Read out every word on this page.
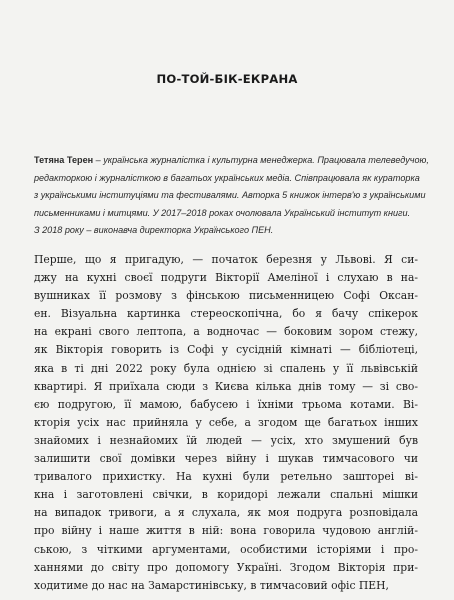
ПО-ТОЙ-БІК-ЕКРАНА
Тетяна Терен – українська журналістка і культурна менеджерка. Працювала телеведучою,
редакторкою і журналісткою в багатьох українських медіа. Співпрацювала як кураторка
з українськими інституціями та фестивалями. Авторка 5 книжок інтерв'ю з українськими
письменниками і митцями. У 2017–2018 роках очолювала Український інститут книги.
З 2018 року – виконавча директорка Українського ПЕН.
Перше, що я пригадую, — початок березня у Львові. Я си-
джу на кухні своєї подруги Вікторії Амеліної і слухаю в на-
вушниках її розмову з фінською письменницею Софі Оксан-
ен. Візуальна картинка стереоскопічна, бо я бачу спікерок
на екрані свого лептопа, а водночас — боковим зором стежу,
як Вікторія говорить із Софі у сусідній кімнаті — бібліотеці,
яка в ті дні 2022 року була однією зі спалень у її львівській
квартирі. Я приїхала сюди з Києва кілька днів тому — зі сво-
єю подругою, її мамою, бабусею і їхніми трьома котами. Ві-
кторія усіх нас прийняла у себе, а згодом ще багатьох інших
знайомих і незнайомих їй людей — усіх, хто змушений був
залишити свої домівки через війну і шукав тимчасового чи
тривалого прихистку. На кухні були ретельно заштореі ві-
кна і заготовлені свічки, в коридорі лежали спальні мішки
на випадок тривоги, а я слухала, як моя подруга розповідала
про війну і наше життя в ній: вона говорила чудовою англій-
ською, з чіткими аргументами, особистими історіями і про-
ханнями до світу про допомогу Україні. Згодом Вікторія при-
ходитиме до нас на Замарстинівську, в тимчасовий офіс ПЕН,
